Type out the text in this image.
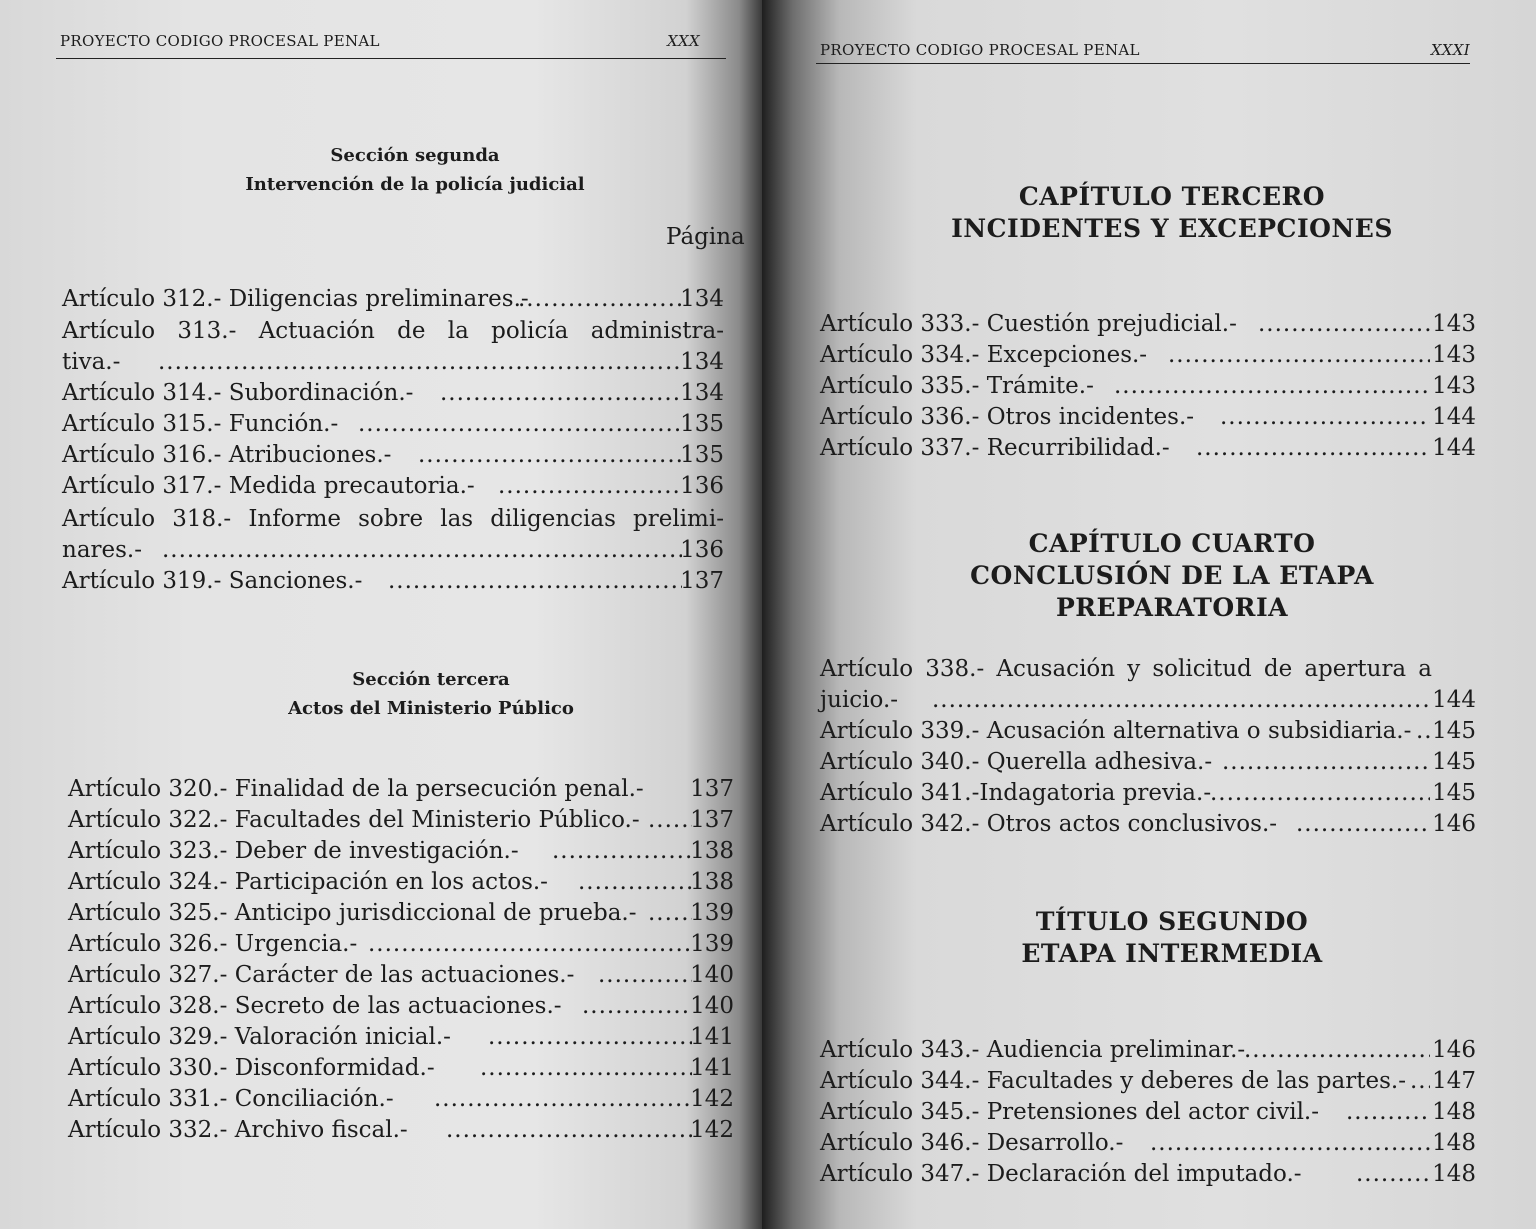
PROYECTO CODIGO PROCESAL PENAL	XXX
Sección segunda
Intervención de la policía judicial
Página
Artículo 312.- Diligencias preliminares.- .....	134
Artículo 313.- Actuación de la policía administra-
tiva.- .....	134
Artículo 314.- Subordinación.- .....	134
Artículo 315.- Función.- .....	135
Artículo 316.- Atribuciones.- .....	135
Artículo 317.- Medida precautoria.- .....	136
Artículo 318.- Informe sobre las diligencias prelimi-
nares.- .....	136
Artículo 319.- Sanciones.- .....	137
Sección tercera
Actos del Ministerio Público
Artículo 320.- Finalidad de la persecución penal.- 137
Artículo 322.- Facultades del Ministerio Público.- ..... 137
Artículo 323.- Deber de investigación.- .....	138
Artículo 324.- Participación en los actos.- .....	138
Artículo 325.- Anticipo jurisdiccional de prueba.- ..... 139
Artículo 326.- Urgencia.- .....	139
Artículo 327.- Carácter de las actuaciones.- .....	140
Artículo 328.- Secreto de las actuaciones.- .....	140
Artículo 329.- Valoración inicial.- .....	141
Artículo 330.- Disconformidad.- .....	141
Artículo 331.- Conciliación.- .....	142
Artículo 332.- Archivo fiscal.- .....	142
PROYECTO CODIGO PROCESAL PENAL	XXXI
CAPÍTULO TERCERO
INCIDENTES Y EXCEPCIONES
Artículo 333.- Cuestión prejudicial.- .....	143
Artículo 334.- Excepciones.- .....	143
Artículo 335.- Trámite.- .....	143
Artículo 336.- Otros incidentes.- .....	144
Artículo 337.- Recurribilidad.- .....	144
CAPÍTULO CUARTO
CONCLUSIÓN DE LA ETAPA PREPARATORIA
Artículo 338.- Acusación y solicitud de apertura a
juicio.- .....	144
Artículo 339.- Acusación alternativa o subsidiaria.- ..... 145
Artículo 340.- Querella adhesiva.- .....	145
Artículo 341.-Indagatoria previa.- .....	145
Artículo 342.- Otros actos conclusivos.- .....	146
TÍTULO SEGUNDO
ETAPA INTERMEDIA
Artículo 343.- Audiencia preliminar.- .....	146
Artículo 344.- Facultades y deberes de las partes.- ..... 147
Artículo 345.- Pretensiones del actor civil.- .....	148
Artículo 346.- Desarrollo.- .....	148
Artículo 347.- Declaración del imputado.- .....	148
